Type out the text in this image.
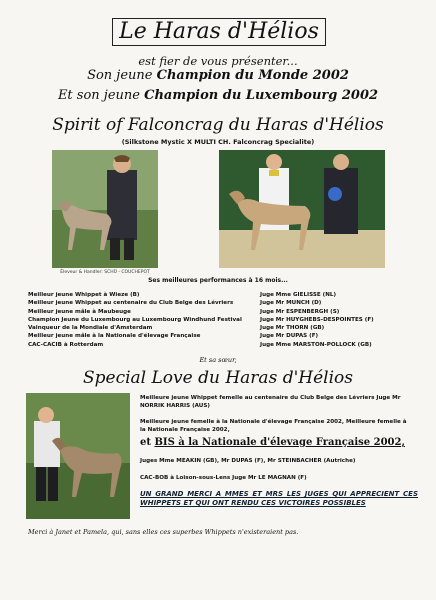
Le Haras d'Hélios
est fier de vous présenter...
Son jeune Champion du Monde 2002
Et son jeune Champion du Luxembourg 2002
Spirit of Falconcrag du Haras d'Hélios
(Silkstone Mystic X MULTI CH. Falconcrag Specialite)
Éleveur & Handler: SCHÜ - COUCHEPOT
Ses meilleures performances à 16 mois...
Meilleur jeune Whippet à Wieze (B)	Juge Mme GIELISSE (NL)
Meilleur jeune Whippet au centenaire du Club Belge des Lévriers	Juge Mr MUNCH (D)
Meilleur jeune mâle à Maubeuge	Juge Mr ESPENBERGH (S)
Champion Jeune du Luxembourg au Luxembourg Windhund Festival	Juge Mr HUYGHEBS-DESPOINTES (F)
Vainqueur de la Mondiale d'Amsterdam	Juge Mr THORN (GB)
Meilleur jeune mâle à la Nationale d'élevage Française	Juge Mr DUPAS (F)
CAC-CACIB à Rotterdam	Juge Mme MARSTON-POLLOCK (GB)
Et sa sœur,
Special Love du Haras d'Hélios
Meilleure jeune Whippet femelle au centenaire du Club Belge des Lévriers Juge Mr NORRIK HARRIS (AUS)
Meilleure jeune femelle à la Nationale d'élevage Française 2002, Meilleure femelle à la Nationale Française 2002,
et BIS à la Nationale d'élevage Française 2002,
Juges Mme MEAKIN (GB), Mr DUPAS (F), Mr STEINBACHER (Autriche)
CAC-BOB à Loison-sous-Lens Juge Mr LE MAGNAN (F)
UN GRAND MERCI A MMES ET MRS LES JUGES QUI APPRECIENT CES WHIPPETS ET QUI ONT RENDU CES VICTOIRES POSSIBLES
Merci à Janet et Pamela, qui, sans elles ces superbes Whippets n'existeraient pas.
